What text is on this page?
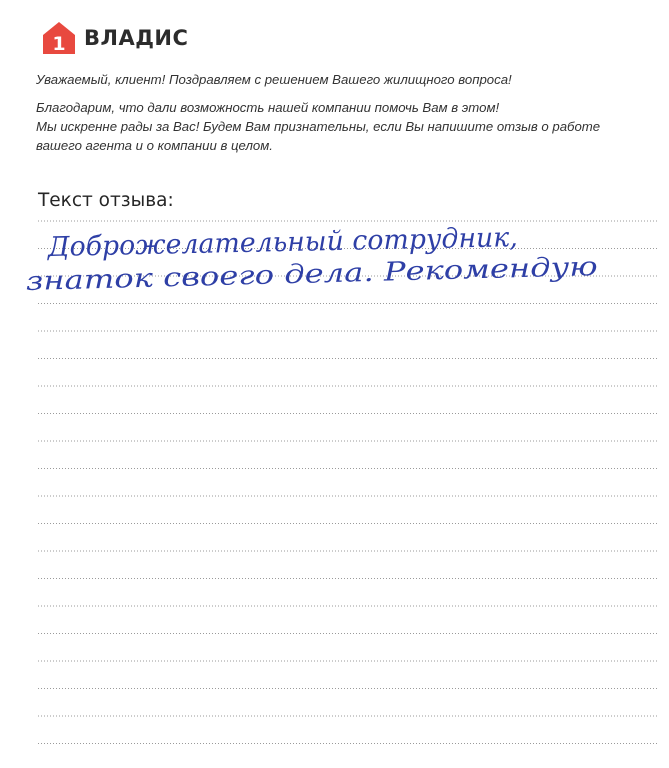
1 ВЛАДИС

Уважаемый, клиент! Поздравляем с решением Вашего жилищного вопроса!

Благодарим, что дали возможность нашей компании помочь Вам в этом!

Мы искренне рады за Вас! Будем Вам признательны, если Вы напишите отзыв о работе

вашего агента и о компании в целом.

Текст отзыва:
Доброжелательный сотрудник,
знаток своего дела. Рекомендую
